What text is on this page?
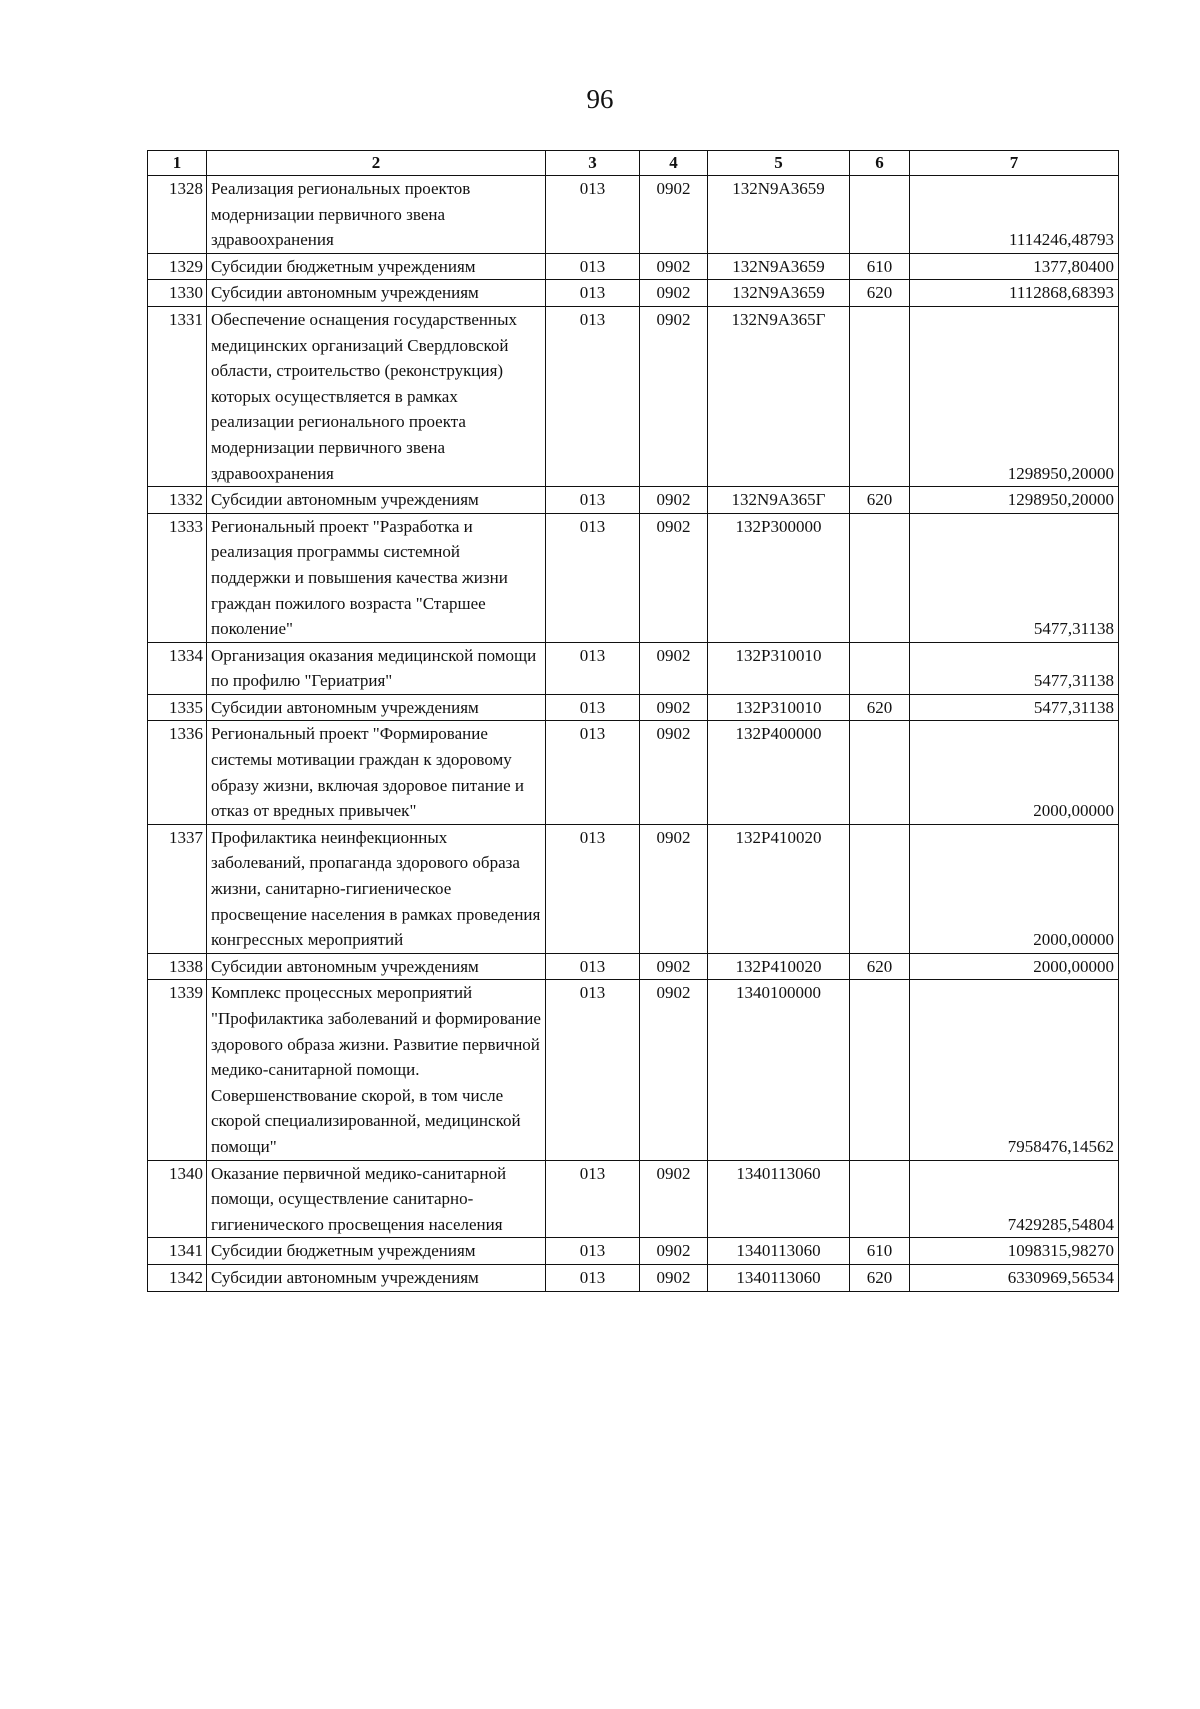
96
1	2	3	4	5	6	7
1328	Реализация региональных проектов модернизации первичного звена здравоохранения	013	0902	132N9A3659		1114246,48793
1329	Субсидии бюджетным учреждениям	013	0902	132N9A3659	610	1377,80400
1330	Субсидии автономным учреждениям	013	0902	132N9A3659	620	1112868,68393
1331	Обеспечение оснащения государственных медицинских организаций Свердловской области, строительство (реконструкция) которых осуществляется в рамках реализации регионального проекта модернизации первичного звена здравоохранения	013	0902	132N9A365Г		1298950,20000
1332	Субсидии автономным учреждениям	013	0902	132N9A365Г	620	1298950,20000
1333	Региональный проект "Разработка и реализация программы системной поддержки и повышения качества жизни граждан пожилого возраста "Старшее поколение"	013	0902	132P300000		5477,31138
1334	Организация оказания медицинской помощи по профилю "Гериатрия"	013	0902	132P310010		5477,31138
1335	Субсидии автономным учреждениям	013	0902	132P310010	620	5477,31138
1336	Региональный проект "Формирование системы мотивации граждан к здоровому образу жизни, включая здоровое питание и отказ от вредных привычек"	013	0902	132P400000		2000,00000
1337	Профилактика неинфекционных заболеваний, пропаганда здорового образа жизни, санитарно-гигиеническое просвещение населения в рамках проведения конгрессных мероприятий	013	0902	132P410020		2000,00000
1338	Субсидии автономным учреждениям	013	0902	132P410020	620	2000,00000
1339	Комплекс процессных мероприятий "Профилактика заболеваний и формирование здорового образа жизни. Развитие первичной медико-санитарной помощи. Совершенствование скорой, в том числе скорой специализированной, медицинской помощи"	013	0902	1340100000		7958476,14562
1340	Оказание первичной медико-санитарной помощи, осуществление санитарно-гигиенического просвещения населения	013	0902	1340113060		7429285,54804
1341	Субсидии бюджетным учреждениям	013	0902	1340113060	610	1098315,98270
1342	Субсидии автономным учреждениям	013	0902	1340113060	620	6330969,56534
